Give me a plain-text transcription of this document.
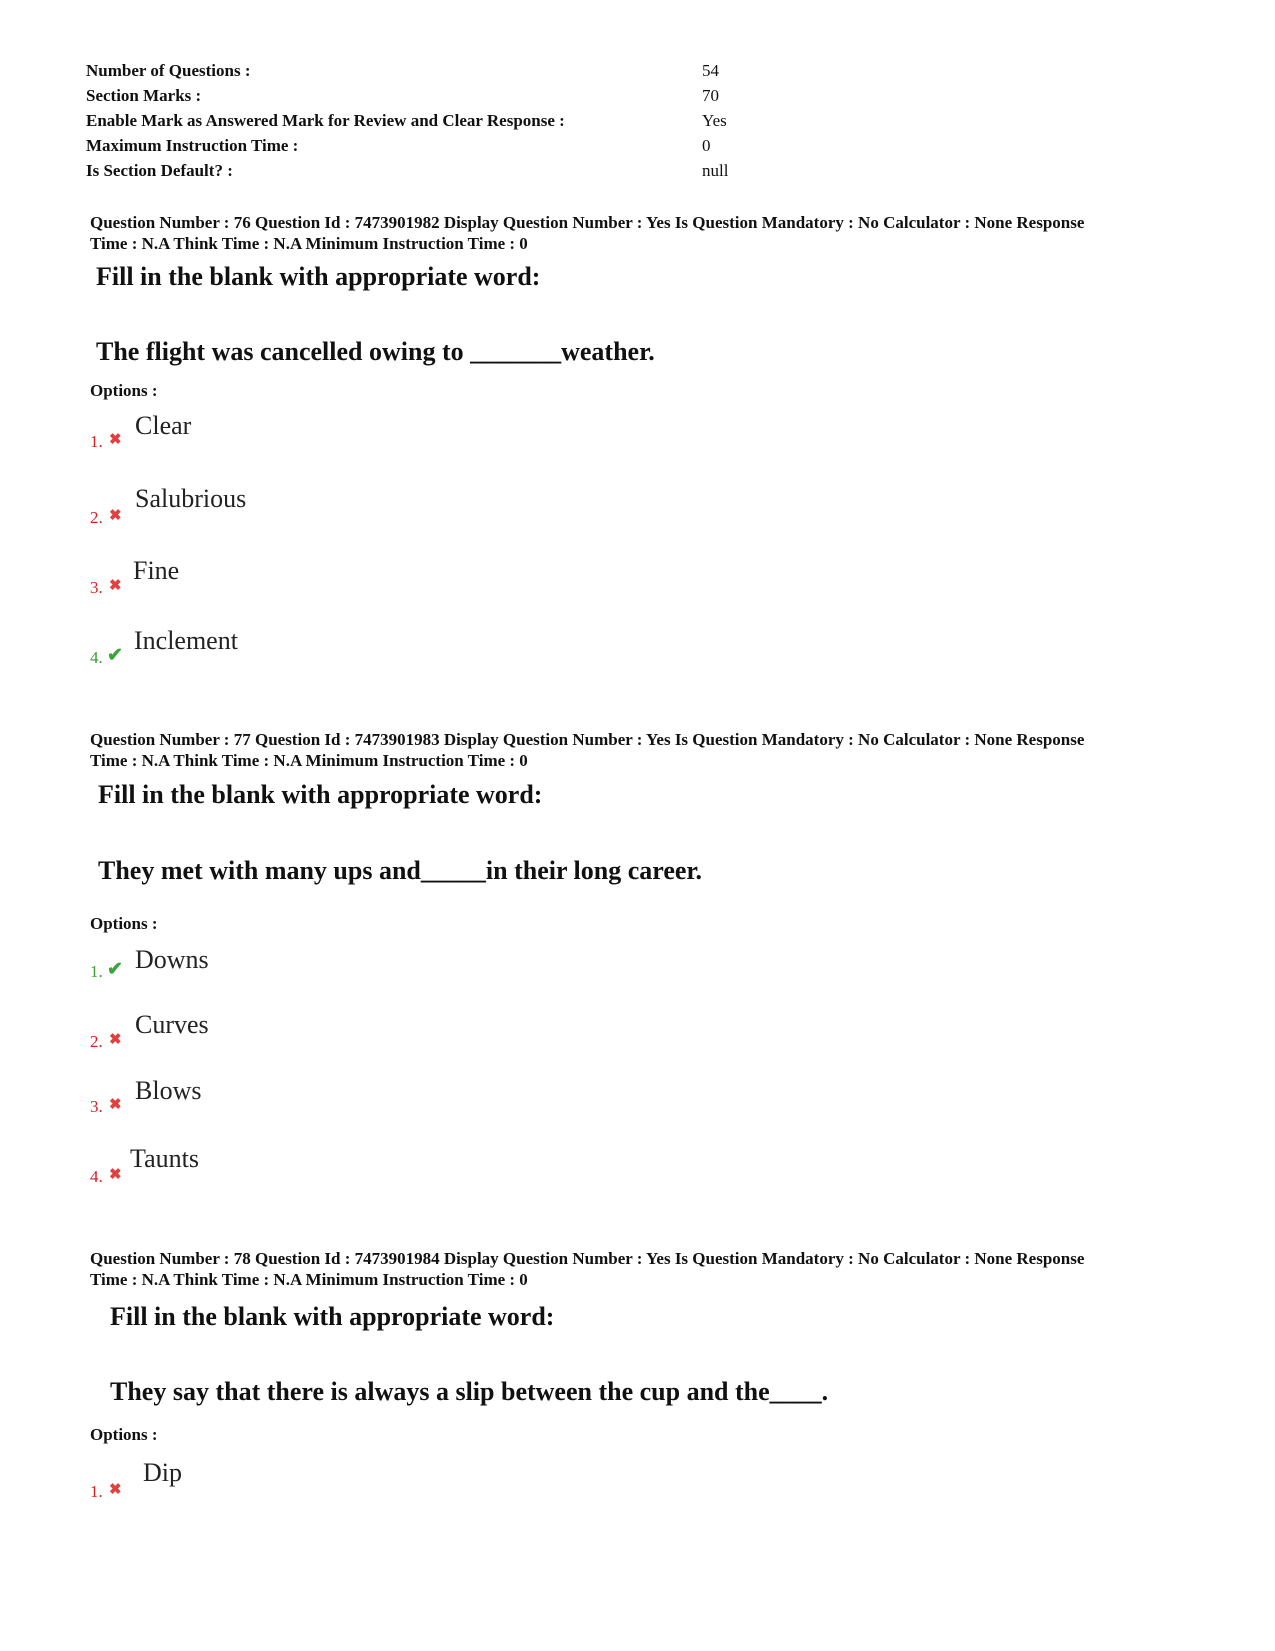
Number of Questions :	54
Section Marks :	70
Enable Mark as Answered Mark for Review and Clear Response :	Yes
Maximum Instruction Time :	0
Is Section Default? :	null
Question Number : 76 Question Id : 7473901982 Display Question Number : Yes Is Question Mandatory : No Calculator : None Response
Time : N.A Think Time : N.A Minimum Instruction Time : 0
Fill in the blank with appropriate word:
The flight was cancelled owing to _______weather.
Options :
1. ✖ Clear
2. ✖
Salubrious
3. ✖
Fine
4. ✔
Inclement
Question Number : 77 Question Id : 7473901983 Display Question Number : Yes Is Question Mandatory : No Calculator : None Response
Time : N.A Think Time : N.A Minimum Instruction Time : 0
Fill in the blank with appropriate word:
They met with many ups and_____in their long career.
Options :
1. ✔ Downs
2. ✖
Curves
3. ✖ Blows
4. ✖
Taunts
Question Number : 78 Question Id : 7473901984 Display Question Number : Yes Is Question Mandatory : No Calculator : None Response
Time : N.A Think Time : N.A Minimum Instruction Time : 0
Fill in the blank with appropriate word:
They say that there is always a slip between the cup and the____.
Options :
1. ✖
Dip
